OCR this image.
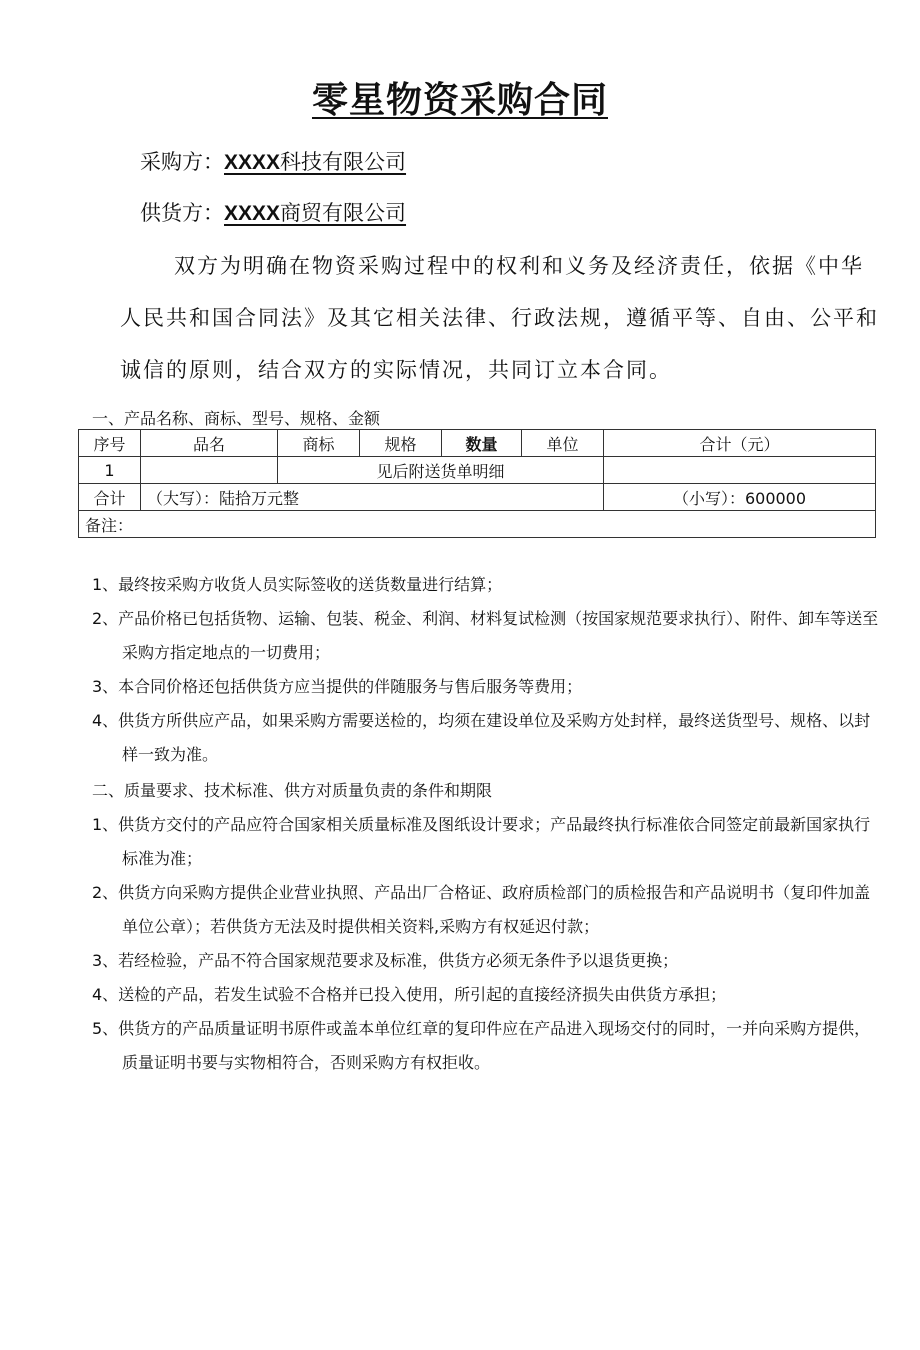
零星物资采购合同
采购方：XXXX科技有限公司
供货方：XXXX商贸有限公司
双方为明确在物资采购过程中的权利和义务及经济责任，依据《中华人民共和国合同法》及其它相关法律、行政法规，遵循平等、自由、公平和诚信的原则，结合双方的实际情况，共同订立本合同。
一、产品名称、商标、型号、规格、金额
序号	品名	商标	规格	数量	单位	合计（元）
1		见后附送货单明细				
合计	（大写）：陆拾万元整					（小写）：600000
备注：						
1、最终按采购方收货人员实际签收的送货数量进行结算；
2、产品价格已包括货物、运输、包装、税金、利润、材料复试检测（按国家规范要求执行）、附件、卸车等送至采购方指定地点的一切费用；
3、本合同价格还包括供货方应当提供的伴随服务与售后服务等费用；
4、供货方所供应产品，如果采购方需要送检的，均须在建设单位及采购方处封样，最终送货型号、规格、以封样一致为准。
二、质量要求、技术标准、供方对质量负责的条件和期限
1、供货方交付的产品应符合国家相关质量标准及图纸设计要求；产品最终执行标准依合同签定前最新国家执行标准为准；
2、供货方向采购方提供企业营业执照、产品出厂合格证、政府质检部门的质检报告和产品说明书（复印件加盖单位公章）；若供货方无法及时提供相关资料,采购方有权延迟付款；
3、若经检验，产品不符合国家规范要求及标准，供货方必须无条件予以退货更换；
4、送检的产品，若发生试验不合格并已投入使用，所引起的直接经济损失由供货方承担；
5、供货方的产品质量证明书原件或盖本单位红章的复印件应在产品进入现场交付的同时，一并向采购方提供，质量证明书要与实物相符合，否则采购方有权拒收。
